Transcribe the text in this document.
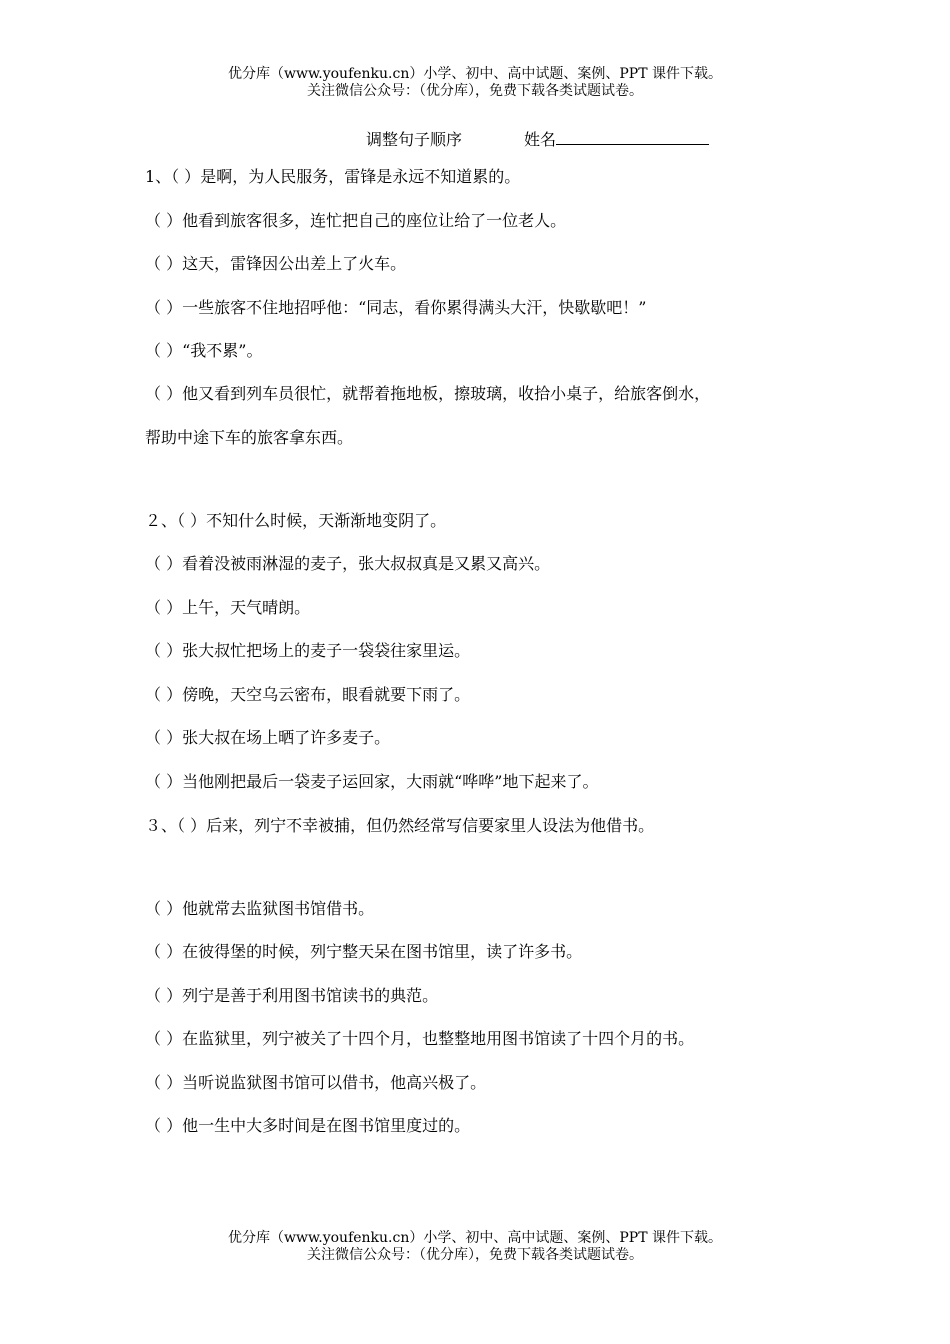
优分库（www.youfenku.cn）小学、初中、高中试题、案例、PPT 课件下载。
关注微信公众号：（优分库），免费下载各类试题试卷。
调整句子顺序	姓名
1、（ ）是啊，为人民服务，雷锋是永远不知道累的。
（ ）他看到旅客很多，连忙把自己的座位让给了一位老人。
（ ）这天，雷锋因公出差上了火车。
（ ）一些旅客不住地招呼他：“同志，看你累得满头大汗，快歇歇吧！”
（ ）“我不累”。
（ ）他又看到列车员很忙，就帮着拖地板，擦玻璃，收拾小桌子，给旅客倒水，
帮助中途下车的旅客拿东西。
２、（ ）不知什么时候，天渐渐地变阴了。
（ ）看着没被雨淋湿的麦子，张大叔叔真是又累又高兴。
（ ）上午，天气晴朗。
（ ）张大叔忙把场上的麦子一袋袋往家里运。
（ ）傍晚，天空乌云密布，眼看就要下雨了。
（ ）张大叔在场上晒了许多麦子。
（ ）当他刚把最后一袋麦子运回家，大雨就“哗哗”地下起来了。
３、（ ）后来，列宁不幸被捕，但仍然经常写信要家里人设法为他借书。
（ ）他就常去监狱图书馆借书。
（ ）在彼得堡的时候，列宁整天呆在图书馆里，读了许多书。
（ ）列宁是善于利用图书馆读书的典范。
（ ）在监狱里，列宁被关了十四个月，也整整地用图书馆读了十四个月的书。
（ ）当听说监狱图书馆可以借书，他高兴极了。
（ ）他一生中大多时间是在图书馆里度过的。
优分库（www.youfenku.cn）小学、初中、高中试题、案例、PPT 课件下载。
关注微信公众号：（优分库），免费下载各类试题试卷。
